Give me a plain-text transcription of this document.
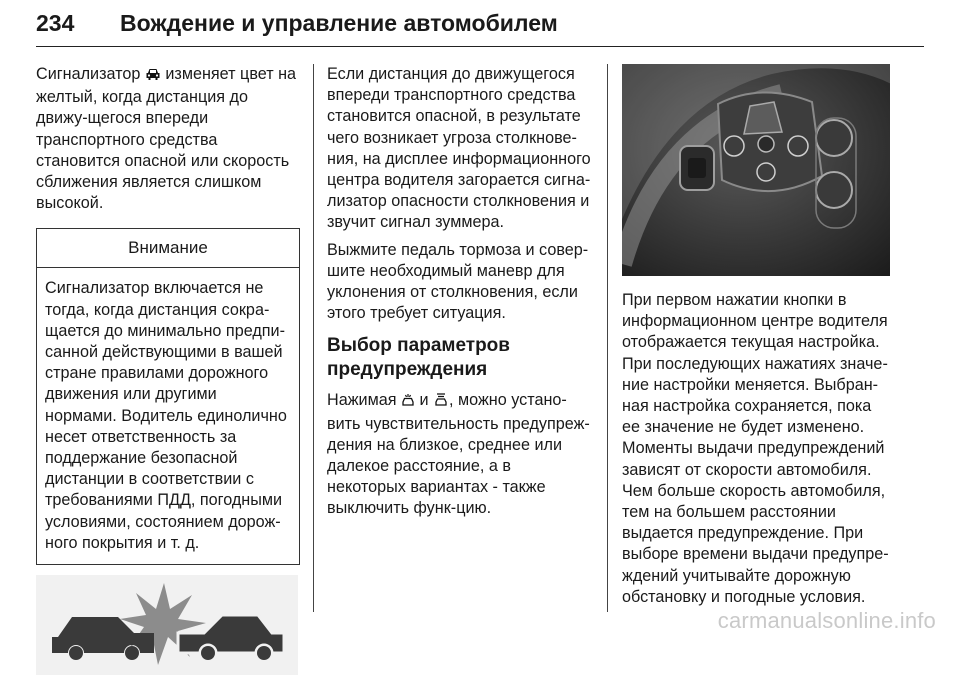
234 Вождение и управление автомобилем

Сигнализатор изменяет цвет на желтый, когда дистанция до движу-щегося впереди транспортного средства становится опасной или скорость сближения является слишком высокой.

Внимание
Сигнализатор включается не тогда, когда дистанция сокра-щается до минимально предпи-санной действующими в вашей стране правилами дорожного движения или другими нормами. Водитель единолично несет ответственность за поддержание безопасной дистанции в соответствии с требованиями ПДД, погодными условиями, состоянием дорож-ного покрытия и т. д.

Если дистанция до движущегося впереди транспортного средства становится опасной, в результате чего возникает угроза столкнове-ния, на дисплее информационного центра водителя загорается сигна-лизатор опасности столкновения и звучит сигнал зуммера.

Выжмите педаль тормоза и совер-шите необходимый маневр для уклонения от столкновения, если этого требует ситуация.

Выбор параметров предупреждения

Нажимая и , можно устано-вить чувствительность предупреж-дения на близкое, среднее или далекое расстояние, а в некоторых вариантах - также выключить функ-цию.

При первом нажатии кнопки в информационном центре водителя отображается текущая настройка. При последующих нажатиях значе-ние настройки меняется. Выбран-ная настройка сохраняется, пока ее значение не будет изменено. Моменты выдачи предупреждений зависят от скорости автомобиля. Чем больше скорость автомобиля, тем на большем расстоянии выдается предупреждение. При выборе времени выдачи предупре-ждений учитывайте дорожную обстановку и погодные условия.

carmanualsonline.info
